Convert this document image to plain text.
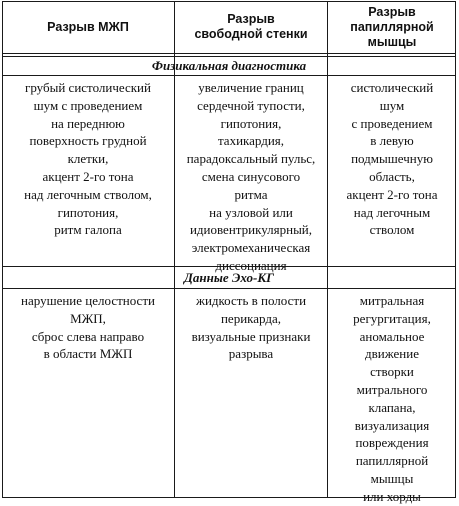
Разрыв МЖП
Разрыв
свободной стенки
Разрыв
папиллярной
мышцы
Физикальная диагностика
грубый систолический
шум с проведением
на переднюю
поверхность грудной
клетки,
акцент 2-го тона
над легочным стволом,
гипотония,
ритм галопа
увеличение границ
сердечной тупости,
гипотония,
тахикардия,
парадоксальный пульс,
смена синусового
ритма
на узловой или
идиовентрикулярный,
электромеханическая
диссоциация
систолический
шум
с проведением
в левую
подмышечную
область,
акцент 2-го тона
над легочным
стволом
Данные Эхо-КГ
нарушение целостности
МЖП,
сброс слева направо
в области МЖП
жидкость в полости
перикарда,
визуальные признаки
разрыва
митральная
регургитация,
аномальное
движение
створки
митрального
клапана,
визуализация
повреждения
папиллярной
мышцы
или хорды
